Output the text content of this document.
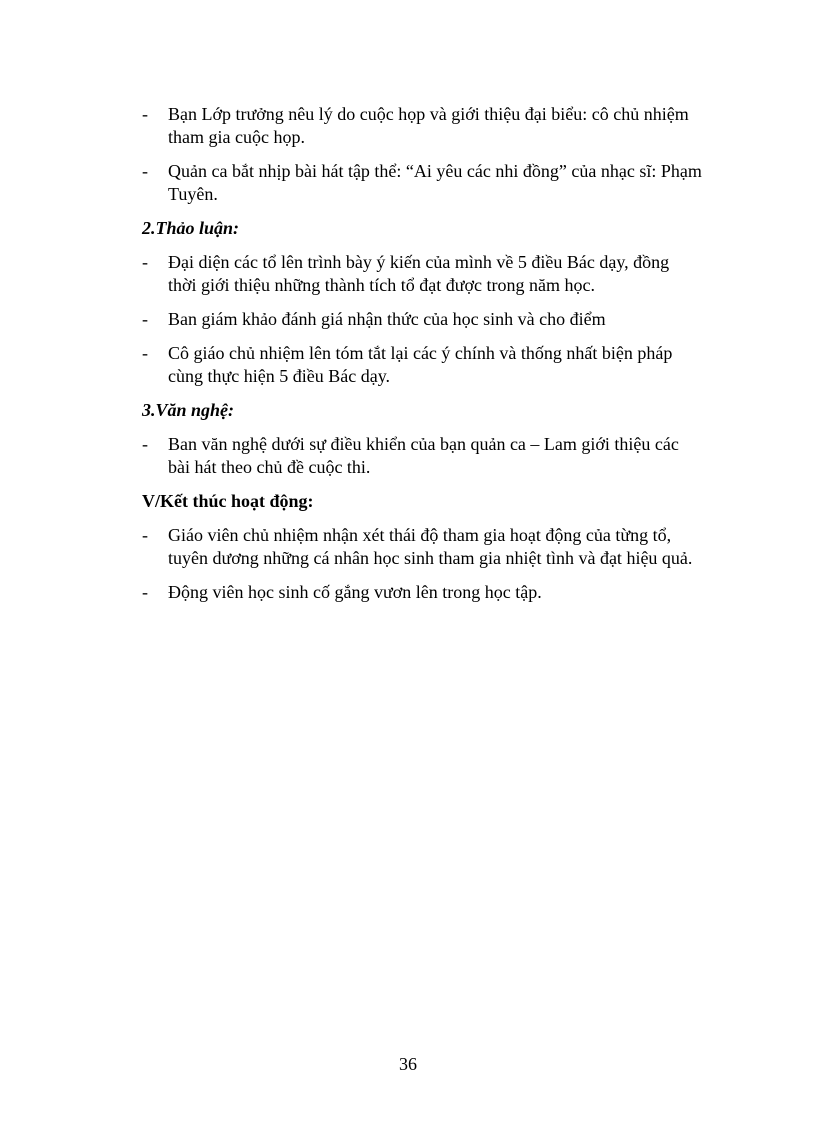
-	Bạn Lớp trưởng nêu lý do cuộc họp và giới thiệu đại biểu: cô chủ nhiệm tham gia cuộc họp.
-	Quản ca bắt nhịp bài hát tập thể: “Ai yêu các nhi đồng” của nhạc sĩ: Phạm Tuyên.
2.Thảo luận:
-	Đại diện các tổ lên trình bày ý kiến của mình về 5 điều Bác dạy, đồng thời giới thiệu những thành tích tổ đạt được trong năm học.
-	Ban giám khảo đánh giá nhận thức của học sinh và cho điểm
-	Cô giáo chủ nhiệm lên tóm tắt lại các ý chính và thống nhất biện pháp cùng thực hiện 5 điều Bác dạy.
3.Văn nghệ:
-	Ban văn nghệ dưới sự điều khiển của bạn quản ca – Lam giới thiệu các bài hát theo chủ đề cuộc thi.
V/Kết thúc hoạt động:
-	Giáo viên chủ nhiệm nhận xét thái độ tham gia hoạt động của từng tổ, tuyên dương những cá nhân học sinh tham gia nhiệt tình và đạt hiệu quả.
-	Động viên học sinh cố gắng vươn lên trong học tập.
36
